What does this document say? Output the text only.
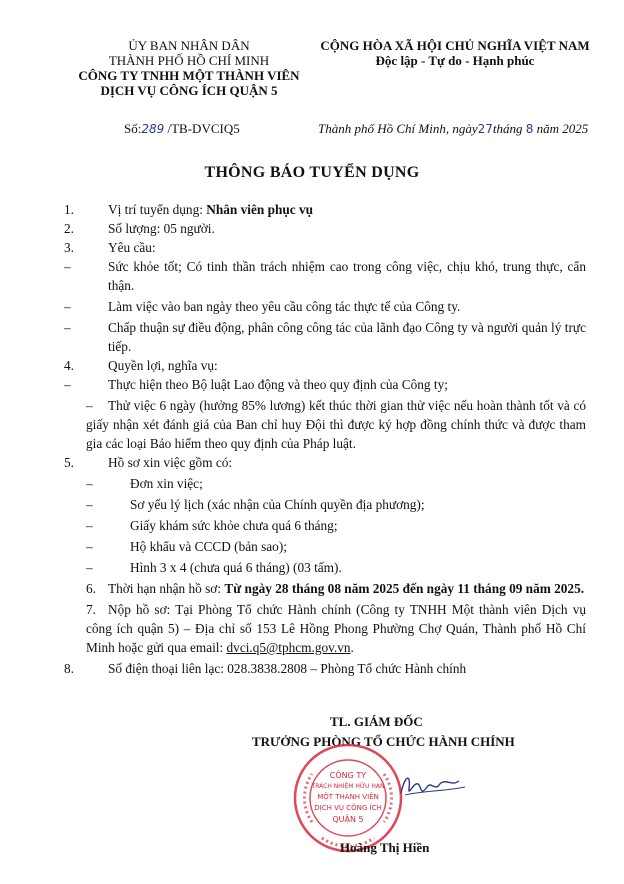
ỦY BAN NHÂN DÂN
THÀNH PHỐ HỒ CHÍ MINH
CÔNG TY TNHH MỘT THÀNH VIÊN
DỊCH VỤ CÔNG ÍCH QUẬN 5
CỘNG HÒA XÃ HỘI CHỦ NGHĨA VIỆT NAM
Độc lập - Tự do - Hạnh phúc
Số:289 /TB-DVCIQ5	Thành phố Hồ Chí Minh, ngày27tháng 8 năm 2025
THÔNG BÁO TUYỂN DỤNG
1.	Vị trí tuyển dụng: Nhân viên phục vụ
2.	Số lượng: 05 người.
3.	Yêu cầu:
–	Sức khỏe tốt; Có tinh thần trách nhiệm cao trong công việc, chịu khó, trung thực, cẩn thận.
–	Làm việc vào ban ngày theo yêu cầu công tác thực tế của Công ty.
–	Chấp thuận sự điều động, phân công công tác của lãnh đạo Công ty và người quản lý trực tiếp.
4.	Quyền lợi, nghĩa vụ:
–	Thực hiện theo Bộ luật Lao động và theo quy định của Công ty;
– Thử việc 6 ngày (hưởng 85% lương) kết thúc thời gian thử việc nếu hoàn thành tốt và có giấy nhận xét đánh giá của Ban chỉ huy Đội thì được ký hợp đồng chính thức và được tham gia các loại Bảo hiểm theo quy định của Pháp luật.
5.	Hồ sơ xin việc gồm có:
–	Đơn xin việc;
–	Sơ yếu lý lịch (xác nhận của Chính quyền địa phương);
–	Giấy khám sức khỏe chưa quá 6 tháng;
–	Hộ khẩu và CCCD (bản sao);
–	Hình 3 x 4 (chưa quá 6 tháng) (03 tấm).
6. Thời hạn nhận hồ sơ: Từ ngày 28 tháng 08 năm 2025 đến ngày 11 tháng 09 năm 2025.
7. Nộp hồ sơ: Tại Phòng Tổ chức Hành chính (Công ty TNHH Một thành viên Dịch vụ công ích quận 5) – Địa chỉ số 153 Lê Hồng Phong Phường Chợ Quán, Thành phố Hồ Chí Minh hoặc gửi qua email: dvci.q5@tphcm.gov.vn.
8.	Số điện thoại liên lạc: 028.3838.2808 – Phòng Tổ chức Hành chính
TL. GIÁM ĐỐC
TRƯỞNG PHÒNG TỔ CHỨC HÀNH CHÍNH
CÔNG TY
TRÁCH NHIỆM HỮU HẠN
MỘT THÀNH VIÊN
DỊCH VỤ CÔNG ÍCH
QUẬN 5
Hoàng Thị Hiền
